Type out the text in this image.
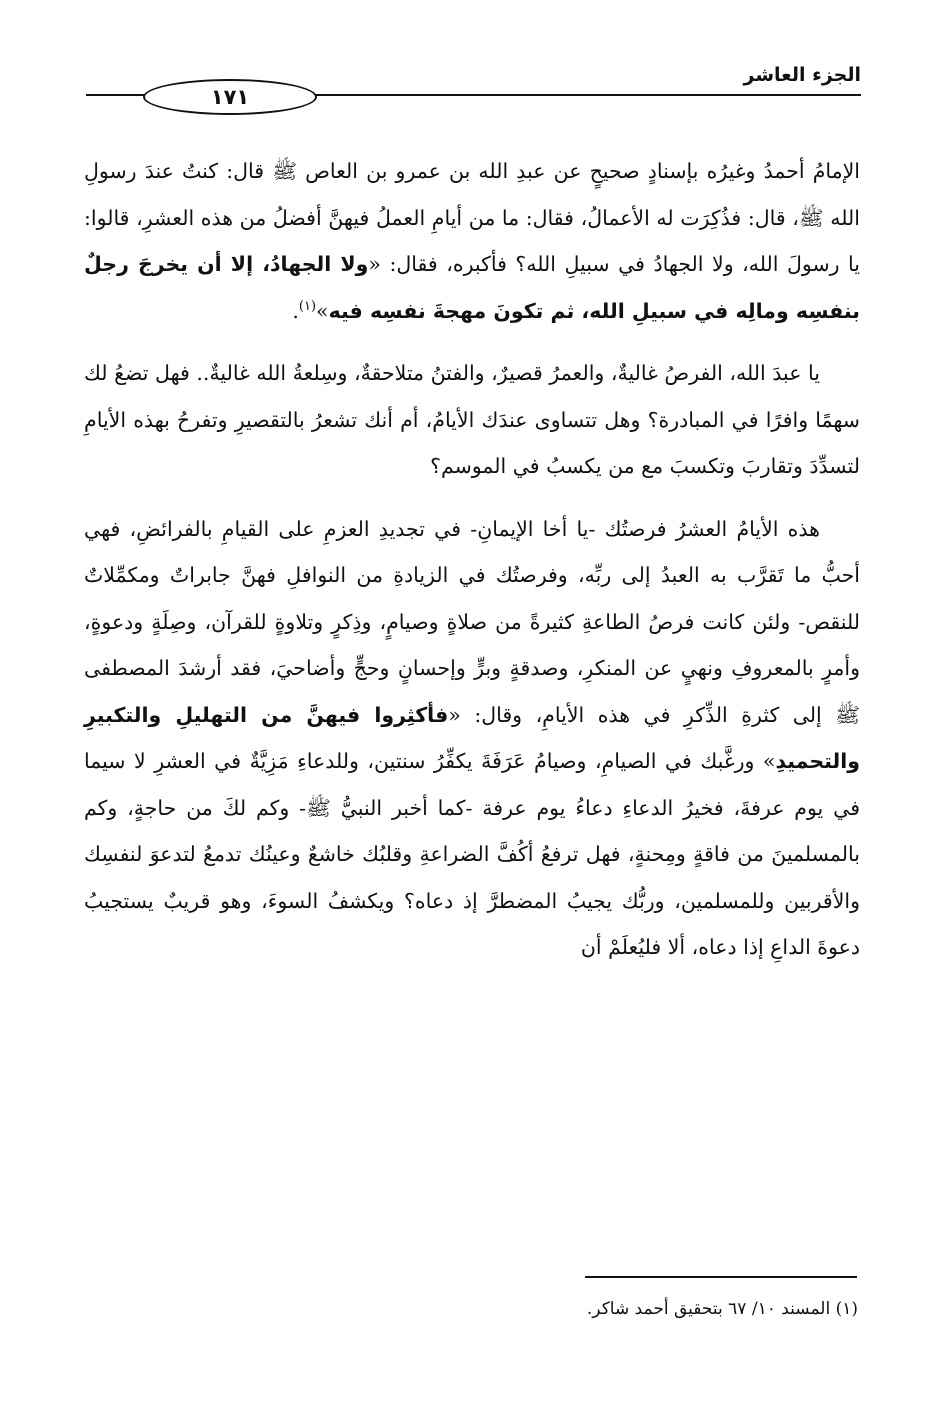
الجزء العاشر
١٧١

الإمامُ أحمدُ وغيرُه بإسنادٍ صحيحٍ عن عبدِ الله بن عمرو بن العاص ﷺ قال: كنتُ عندَ رسولِ الله ﷺ، قال: فذُكِرَت له الأعمالُ، فقال: ما من أيامِ العملُ فيهنَّ أفضلُ من هذه العشرِ، قالوا: يا رسولَ الله، ولا الجهادُ في سبيلِ الله؟ فأكبره، فقال: «ولا الجهادُ، إلا أن يخرجَ رجلٌ بنفسِه ومالِه في سبيلِ الله، ثم تكونَ مهجةَ نفسِه فيه»$^{(١)}$.

يا عبدَ الله، الفرصُ غاليةٌ، والعمرُ قصيرٌ، والفتنُ متلاحقةٌ، وسِلعةُ الله غاليةٌ.. فهل تضعُ لك سهمًا وافرًا في المبادرة؟ وهل تتساوى عندَك الأيامُ، أم أنك تشعرُ بالتقصيرِ وتفرحُ بهذه الأيامِ لتسدِّدَ وتقاربَ وتكسبَ مع من يكسبُ في الموسم؟

هذه الأيامُ العشرُ فرصتُك -يا أخا الإيمانِ- في تجديدِ العزمِ على القيامِ بالفرائضِ، فهي أحبُّ ما تَقرَّب به العبدُ إلى ربِّه، وفرصتُك في الزيادةِ من النوافلِ فهنَّ جابراتٌ ومكمِّلاتٌ للنقص- ولئن كانت فرصُ الطاعةِ كثيرةً من صلاةٍ وصيامٍ، وذِكرٍ وتلاوةٍ للقرآن، وصِلَةٍ ودعوةٍ، وأمرٍ بالمعروفِ ونهيٍ عن المنكرِ، وصدقةٍ وبرٍّ وإحسانٍ وحجٍّ وأضاحيَ، فقد أرشدَ المصطفى ﷺ إلى كثرةِ الذِّكرِ في هذه الأيامِ، وقال: «فأكثِروا فيهنَّ من التهليلِ والتكبيرِ والتحميدِ» ورغَّبك في الصيامِ، وصيامُ عَرَفَةَ يكفِّرُ سنتين، وللدعاءِ مَزِيَّةٌ في العشرِ لا سيما في يوم عرفةَ، فخيرُ الدعاءِ دعاءُ يوم عرفة -كما أخبر النبيُّ ﷺ- وكم لكَ من حاجةٍ، وكم بالمسلمينَ من فاقةٍ ومِحنةٍ، فهل ترفعُ أكُفَّ الضراعةِ وقلبُك خاشعٌ وعينُك تدمعُ لتدعوَ لنفسِك والأقربين وللمسلمين، وربُّك يجيبُ المضطرَّ إذ دعاه؟ ويكشفُ السوءَ، وهو قريبٌ يستجيبُ دعوةَ الداعِ إذا دعاه، ألا فليُعلَمْ أن

(١) المسند ١٠/ ٦٧ بتحقيق أحمد شاكر.
